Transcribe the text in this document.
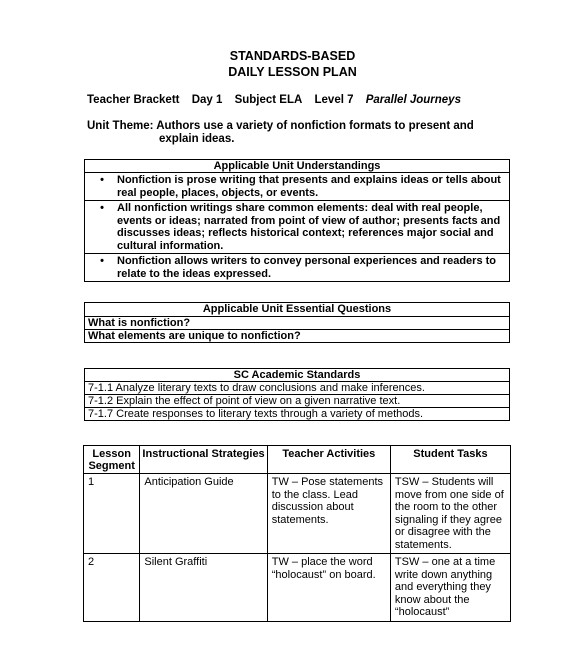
STANDARDS-BASED
DAILY LESSON PLAN
Teacher Brackett Day 1 Subject ELA Level 7 Parallel Journeys
Unit Theme: Authors use a variety of nonfiction formats to present and
explain ideas.
Applicable Unit Understandings

•	Nonfiction is prose writing that presents and explains ideas or tells about real people, places, objects, or events.

•	All nonfiction writings share common elements: deal with real people, events or ideas; narrated from point of view of author; presents facts and discusses ideas; reflects historical context; references major social and cultural information.

•	Nonfiction allows writers to convey personal experiences and readers to relate to the ideas expressed.
Applicable Unit Essential Questions
What is nonfiction?
What elements are unique to nonfiction?
SC Academic Standards
7-1.1 Analyze literary texts to draw conclusions and make inferences.
7-1.2 Explain the effect of point of view on a given narrative text.
7-1.7 Create responses to literary texts through a variety of methods.
Lesson Segment	Instructional Strategies	Teacher Activities	Student Tasks
1	Anticipation Guide	TW – Pose statements to the class. Lead discussion about statements.	TSW – Students will move from one side of the room to the other signaling if they agree or disagree with the statements.
2	Silent Graffiti	TW – place the word “holocaust” on board.	TSW – one at a time write down anything and everything they know about the “holocaust”
